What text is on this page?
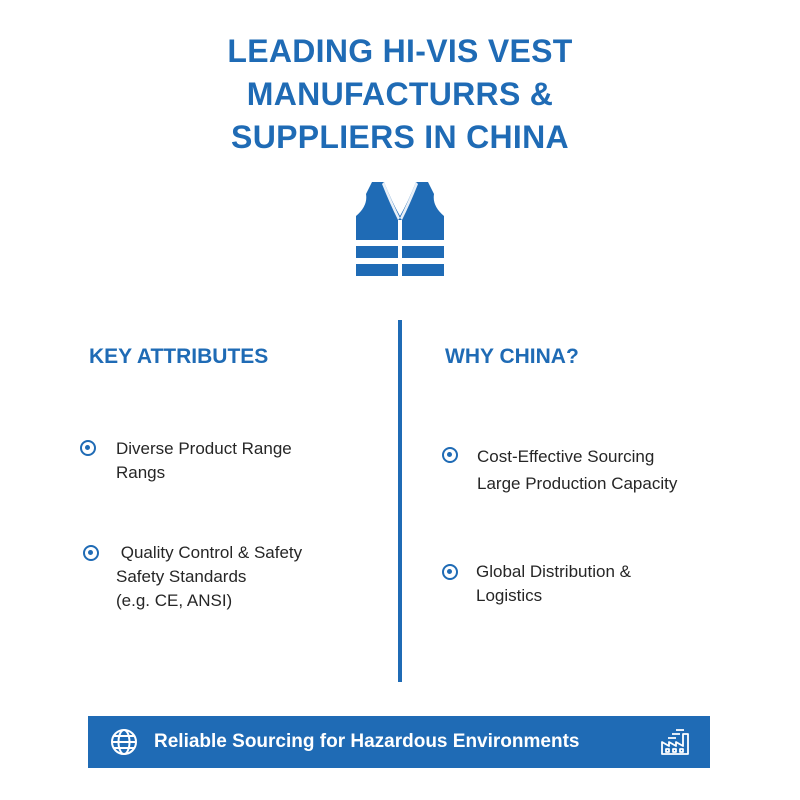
LEADING HI-VIS VEST
MANUFACTURRS &
SUPPLIERS IN CHINA
KEY ATTRIBUTES
Diverse Product Range
Rangs
Quality Control & Safety
Safety Standards
(e.g. CE, ANSI)
WHY CHINA?
Cost-Effective Sourcing
Large Production Capacity
Global Distribution &
Logistics
Reliable Sourcing for Hazardous Environments
